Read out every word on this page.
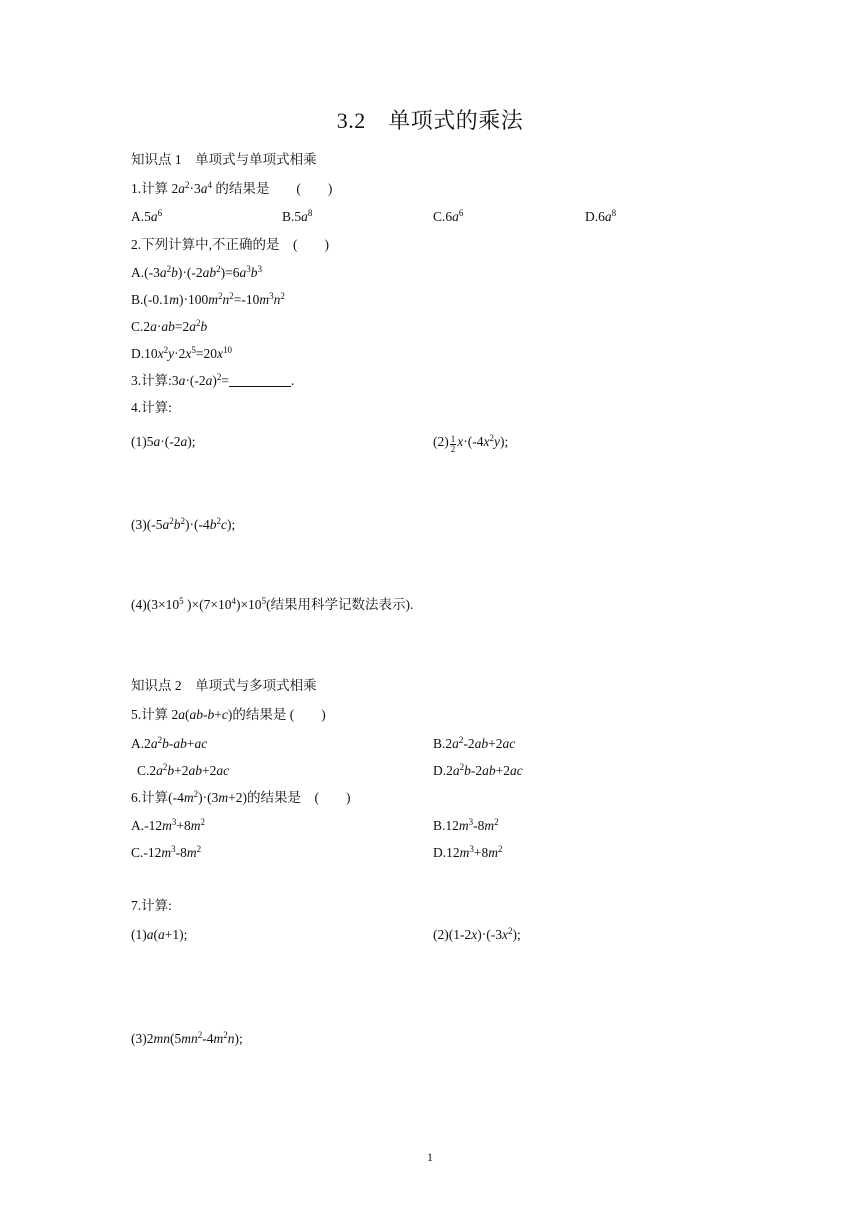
3.2　单项式的乘法
知识点 1　单项式与单项式相乘
1.计算 $2a^2\cdot 3a^4$ 的结果是　　 (　　)
$A.5a^6$	$B.5a^8$	$C.6a^6$	$D.6a^8$
2.下列计算中,不正确的是　 (　　)
$A.(-3a^2b)\cdot(-2ab^2)=6a^3b^3$
$B.(-0.1m)\cdot 100m^2n^2=-10m^3n^2$
$C.2a\cdot ab=2a^2b$
$D.10x^2y\cdot 2x^5=20x^{10}$
3.计算$:3a\cdot(-2a)^2=$	.
4.计算:
(1)5a·(-2a);	$(2) \frac{1}{2} x\cdot(-4x^2y)$;
$(3)(-5a^2b^2)\cdot(-4b^2c)$;
$(4)(3\times 10^5$ )$\times(7\times 10^4)\times 10^5$(结果用科学记数法表示).
知识点 2　单项式与多项式相乘
5.计算 2a(ab-b+c)的结果是 (　　)
$A.2a^2b-ab+ac$	$B.2a^2-2ab+2ac$
$C.2a^2b+2ab+2ac$	$D.2a^2b-2ab+2ac$
6.计算$(-4m^2)\cdot(3m+2)$的结果是　 (　　)
$A.-12m^3+8m^2$	$B.12m^3-8m^2$
$C.-12m^3-8m^2$	$D.12m^3+8m^2$
7.计算:
(1)a(a+1);	$(2)(1-2x)\cdot(-3x^2)$;
$(3)2mn(5mn^2-4m^2n)$;
1
